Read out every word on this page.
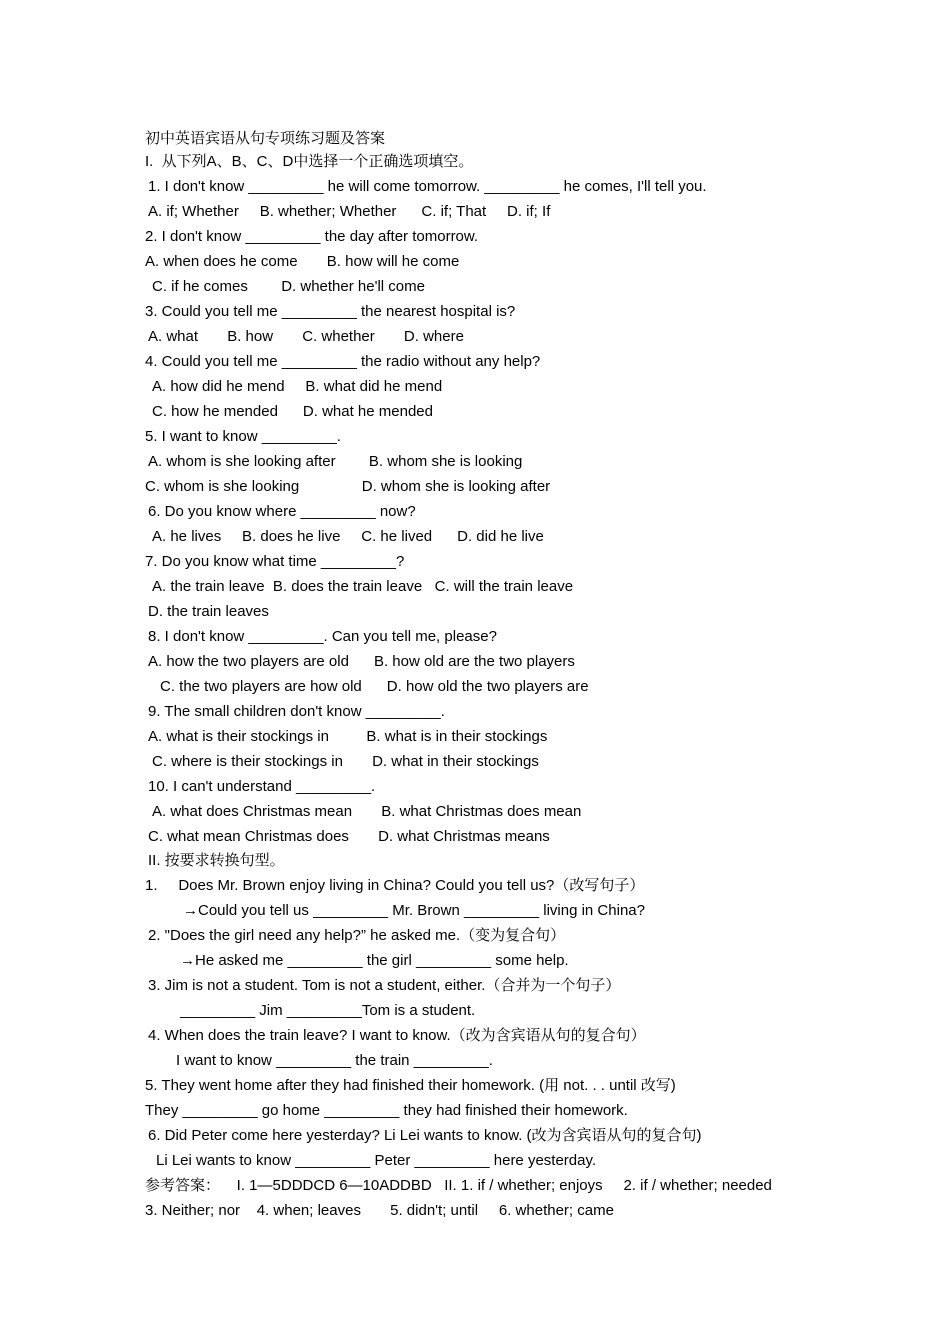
初中英语宾语从句专项练习题及答案
I.  从下列A、B、C、D中选择一个正确选项填空。
1. I don't know _________ he will come tomorrow. _________ he comes, I'll tell you.
A. if; Whether     B. whether; Whether      C. if; That     D. if; If
2. I don't know _________ the day after tomorrow.
A. when does he come       B. how will he come
C. if he comes        D. whether he'll come
3. Could you tell me _________ the nearest hospital is?
A. what       B. how       C. whether       D. where
4. Could you tell me _________ the radio without any help?
A. how did he mend     B. what did he mend
C. how he mended      D. what he mended
5. I want to know _________.
A. whom is she looking after        B. whom she is looking
C. whom is she looking               D. whom she is looking after
6. Do you know where _________ now?
A. he lives     B. does he live     C. he lived      D. did he live
7. Do you know what time _________?
A. the train leave  B. does the train leave   C. will the train leave
D. the train leaves
8. I don't know _________. Can you tell me, please?
A. how the two players are old      B. how old are the two players
C. the two players are how old      D. how old the two players are
9. The small children don't know _________.
A. what is their stockings in         B. what is in their stockings
C. where is their stockings in       D. what in their stockings
10. I can't understand _________.
A. what does Christmas mean       B. what Christmas does mean
C. what mean Christmas does       D. what Christmas means
II. 按要求转换句型。
1.     Does Mr. Brown enjoy living in China? Could you tell us?（改写句子）
→Could you tell us _________ Mr. Brown _________ living in China?
2. "Does the girl need any help?” he asked me.（变为复合句）
→He asked me _________ the girl _________ some help.
3. Jim is not a student. Tom is not a student, either.（合并为一个句子）
_________ Jim _________Tom is a student.
4. When does the train leave? I want to know.（改为含宾语从句的复合句）
I want to know _________ the train _________.
5. They went home after they had finished their homework. (用 not. . . until 改写)
They _________ go home _________ they had finished their homework.
6. Did Peter come here yesterday? Li Lei wants to know. (改为含宾语从句的复合句)
Li Lei wants to know _________ Peter _________ here yesterday.
参考答案：    I. 1—5DDDCD 6—10ADDBD   II. 1. if / whether; enjoys     2. if / whether; needed
3. Neither; nor    4. when; leaves       5. didn't; until     6. whether; came
